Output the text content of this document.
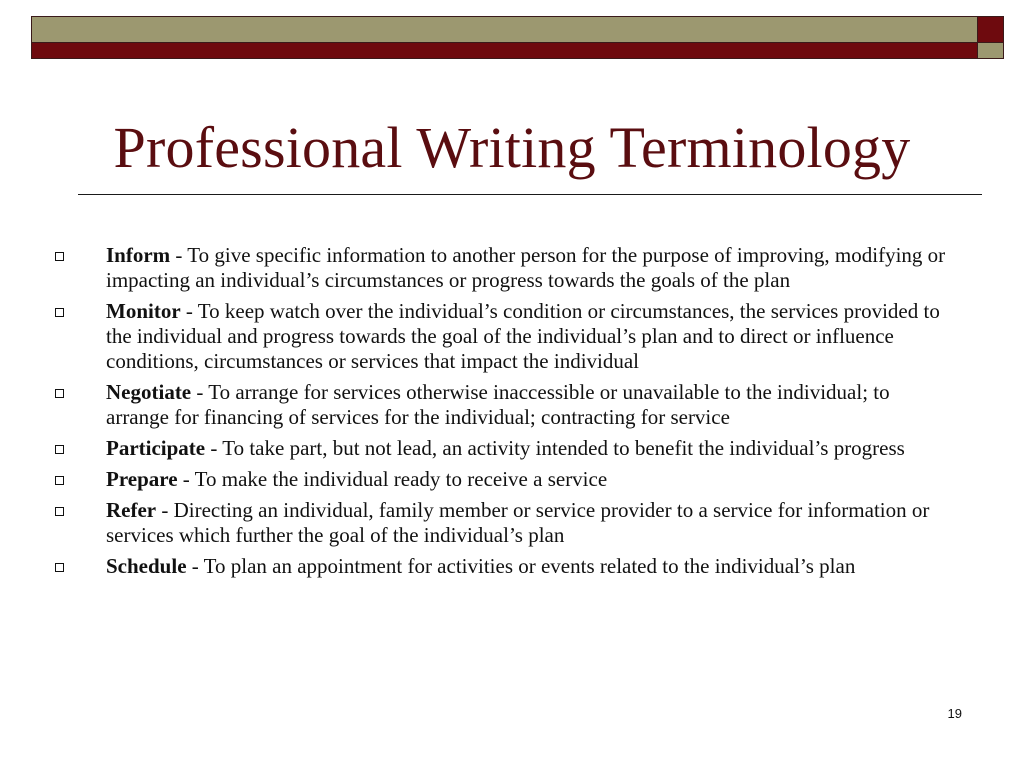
Professional Writing Terminology
Inform - To give specific information to another person for the purpose of improving, modifying or impacting an individual’s circumstances or progress towards the goals of the plan
Monitor - To keep watch over the individual’s condition or circumstances, the services provided to the individual and progress towards the goal of the individual’s plan and to direct or influence conditions, circumstances or services that impact the individual
Negotiate - To arrange for services otherwise inaccessible or unavailable to the individual; to arrange for financing of services for the individual; contracting for service
Participate - To take part, but not lead, an activity intended to benefit the individual’s progress
Prepare - To make the individual ready to receive a service
Refer - Directing an individual, family member or service provider to a service for information or services which further the goal of the individual’s plan
Schedule - To plan an appointment for activities or events related to the individual’s plan
19
